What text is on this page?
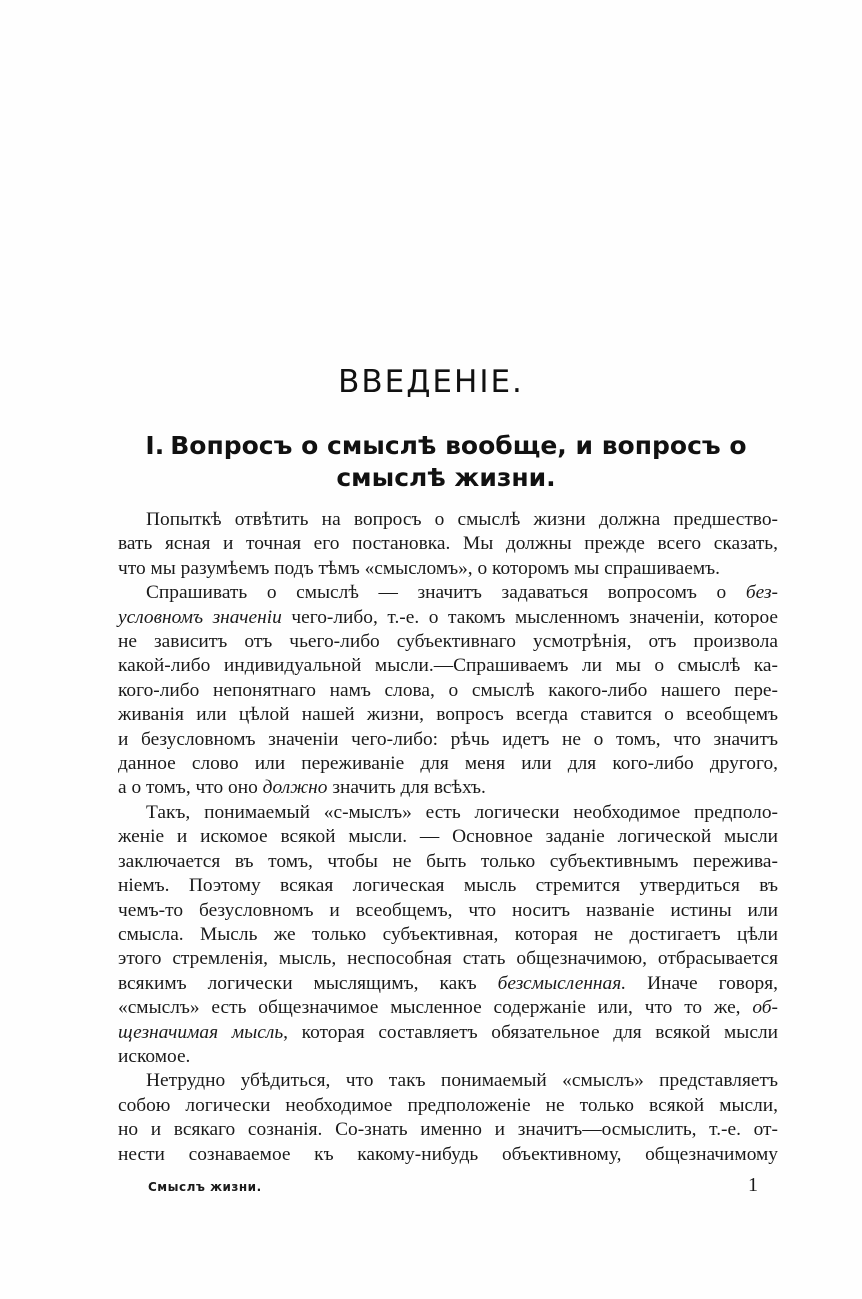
ВВЕДЕНІЕ.
I. Вопросъ о смыслѣ вообще, и вопросъ о смыслѣ жизни.
Попыткѣ отвѣтить на вопросъ о смыслѣ жизни должна предшество-
вать ясная и точная его постановка. Мы должны прежде всего сказать,
что мы разумѣемъ подъ тѣмъ «смысломъ», о которомъ мы спрашиваемъ.
Спрашивать о смыслѣ — значитъ задаваться вопросомъ о без-
условномъ значеніи чего-либо, т.-е. о такомъ мысленномъ значеніи, которое
не зависитъ отъ чьего-либо субъективнаго усмотрѣнія, отъ произвола
какой-либо индивидуальной мысли.—Спрашиваемъ ли мы о смыслѣ ка-
кого-либо непонятнаго намъ слова, о смыслѣ какого-либо нашего пере-
живанія или цѣлой нашей жизни, вопросъ всегда ставится о всеобщемъ
и безусловномъ значеніи чего-либо: рѣчь идетъ не о томъ, что значитъ
данное слово или переживаніе для меня или для кого-либо другого,
а о томъ, что оно должно значить для всѣхъ.
Такъ, понимаемый «с-мыслъ» есть логически необходимое предполо-
женіе и искомое всякой мысли. — Основное заданіе логической мысли
заключается въ томъ, чтобы не быть только субъективнымъ пережива-
ніемъ. Поэтому всякая логическая мысль стремится утвердиться въ
чемъ-то безусловномъ и всеобщемъ, что носитъ названіе истины или
смысла. Мысль же только субъективная, которая не достигаетъ цѣли
этого стремленія, мысль, неспособная стать общезначимою, отбрасывается
всякимъ логически мыслящимъ, какъ безсмысленная. Иначе говоря,
«смыслъ» есть общезначимое мысленное содержаніе или, что то же, об-
щезначимая мысль, которая составляетъ обязательное для всякой мысли
искомое.
Нетрудно убѣдиться, что такъ понимаемый «смыслъ» представляетъ
собою логически необходимое предположеніе не только всякой мысли,
но и всякаго сознанія. Со-знать именно и значитъ—осмыслить, т.-е. от-
нести сознаваемое къ какому-нибудь объективному, общезначимому
Смыслъ жизни.	1
